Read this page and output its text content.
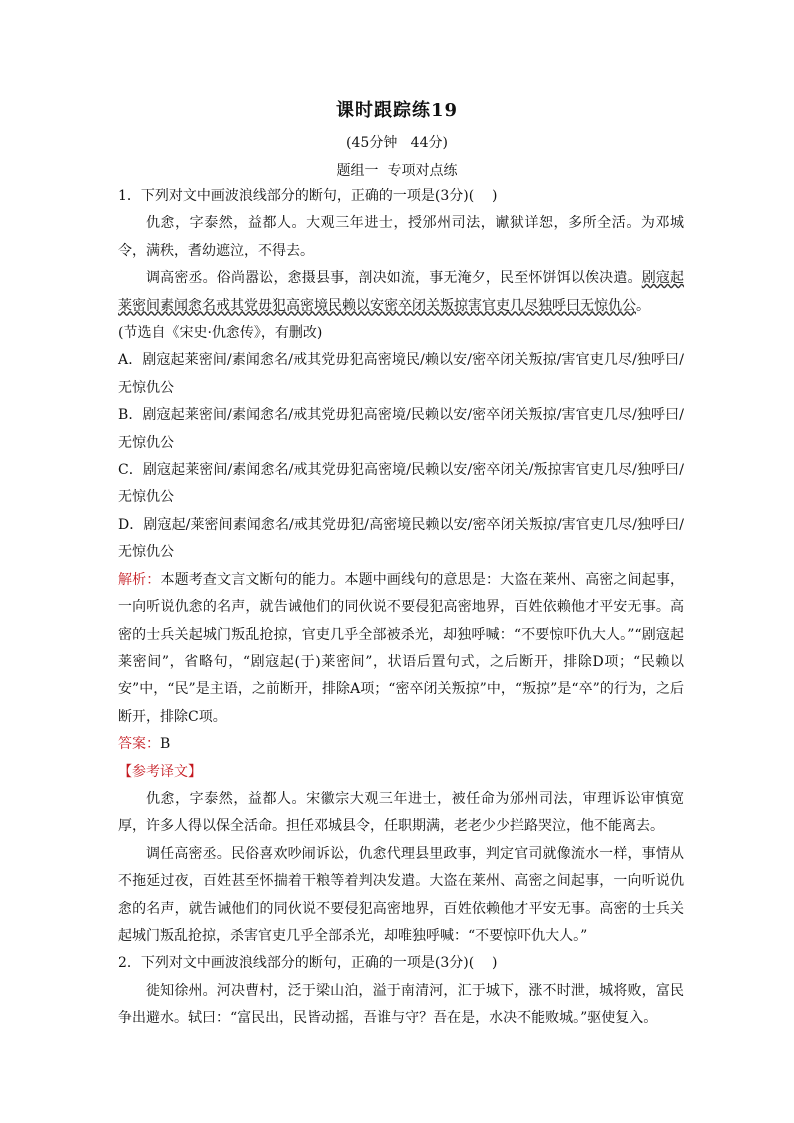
课时跟踪练19
(45分钟   44分)
题组一  专项对点练

1．下列对文中画波浪线部分的断句，正确的一项是(3分)(    )

仇悆，字泰然，益都人。大观三年进士，授邠州司法，谳狱详恕，多所全活。为邓城令，满秩，耆幼遮泣，不得去。

调高密丞。俗尚嚣讼，悆摄县事，剖决如流，事无淹夕，民至怀饼饵以俟决遣。剧寇起莱密间素闻悆名戒其党毋犯高密境民赖以安密卒闭关叛掠害官吏几尽独呼曰无惊仇公。

(节选自《宋史·仇悆传》，有删改)

A．剧寇起莱密间/素闻悆名/戒其党毋犯高密境民/赖以安/密卒闭关叛掠/害官吏几尽/独呼曰/无惊仇公

B．剧寇起莱密间/素闻悆名/戒其党毋犯高密境/民赖以安/密卒闭关叛掠/害官吏几尽/独呼曰/无惊仇公

C．剧寇起莱密间/素闻悆名/戒其党毋犯高密境/民赖以安/密卒闭关/叛掠害官吏几尽/独呼曰/无惊仇公

D．剧寇起/莱密间素闻悆名/戒其党毋犯/高密境民赖以安/密卒闭关叛掠/害官吏几尽/独呼曰/无惊仇公

解析：本题考查文言文断句的能力。本题中画线句的意思是：大盗在莱州、高密之间起事，一向听说仇悆的名声，就告诫他们的同伙说不要侵犯高密地界，百姓依赖他才平安无事。高密的士兵关起城门叛乱抢掠，官吏几乎全部被杀光，却独呼喊：“不要惊吓仇大人。”“剧寇起莱密间”，省略句，“剧寇起(于)莱密间”，状语后置句式，之后断开，排除D项；“民赖以安”中，“民”是主语，之前断开，排除A项；“密卒闭关叛掠”中，“叛掠”是“卒”的行为，之后断开，排除C项。

答案：B

【参考译文】

仇悆，字泰然，益都人。宋徽宗大观三年进士，被任命为邠州司法，审理诉讼审慎宽厚，许多人得以保全活命。担任邓城县令，任职期满，老老少少拦路哭泣，他不能离去。

调任高密丞。民俗喜欢吵闹诉讼，仇悆代理县里政事，判定官司就像流水一样，事情从不拖延过夜，百姓甚至怀揣着干粮等着判决发遣。大盗在莱州、高密之间起事，一向听说仇悆的名声，就告诫他们的同伙说不要侵犯高密地界，百姓依赖他才平安无事。高密的士兵关起城门叛乱抢掠，杀害官吏几乎全部杀光，却唯独呼喊：“不要惊吓仇大人。”

2．下列对文中画波浪线部分的断句，正确的一项是(3分)(    )

徙知徐州。河决曹村，泛于梁山泊，溢于南清河，汇于城下，涨不时泄，城将败，富民争出避水。轼曰：“富民出，民皆动摇，吾谁与守？吾在是，水决不能败城。”驱使复入。
